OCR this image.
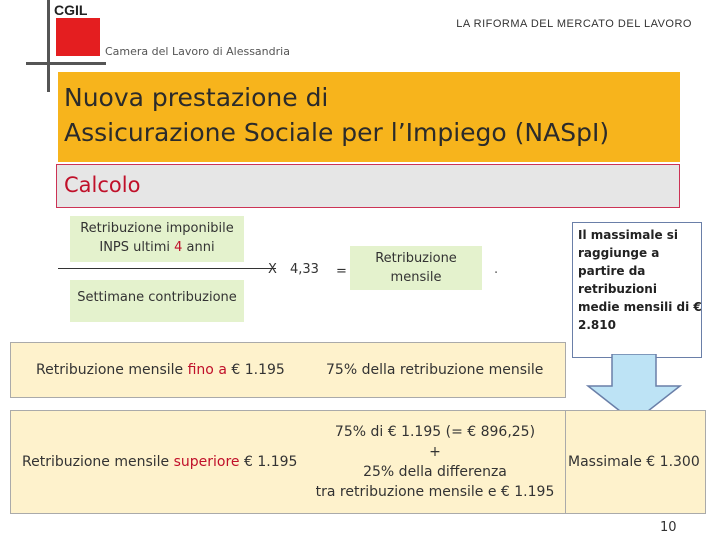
CGIL
LA RIFORMA DEL MERCATO DEL LAVORO
Camera del Lavoro di Alessandria
Nuova prestazione di
Assicurazione Sociale per l’Impiego (NASpI)
Calcolo
Retribuzione imponibile
INPS ultimi 4 anni
Settimane contribuzione
X 4,33 =
Retribuzione
mensile
.
Il massimale si raggiunge a partire da retribuzioni medie mensili di € 2.810
Retribuzione mensile fino a € 1.195	75% della retribuzione mensile
Retribuzione mensile superiore € 1.195
75% di € 1.195 (= € 896,25)
+
25% della differenza
tra retribuzione mensile e € 1.195
Massimale € 1.300
10
